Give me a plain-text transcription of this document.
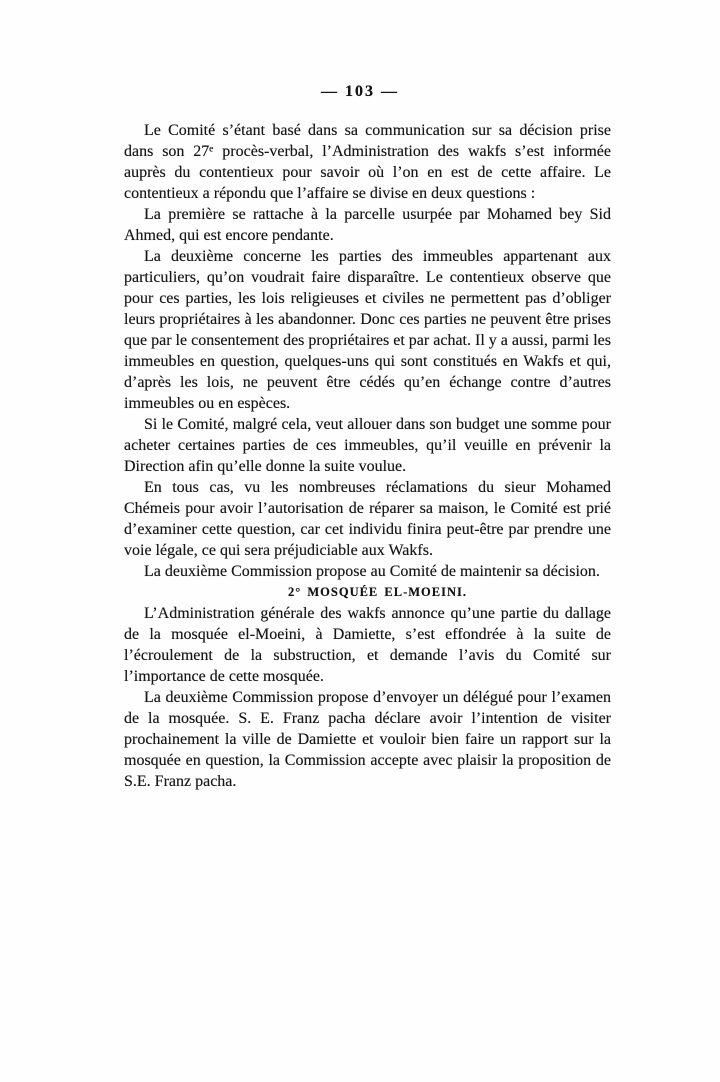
— 103 —

Le Comité s’étant basé dans sa communication sur sa décision prise dans son 27ᵉ procès-verbal, l’Administration des wakfs s’est informée auprès du contentieux pour savoir où l’on en est de cette affaire. Le contentieux a répondu que l’affaire se divise en deux questions :

La première se rattache à la parcelle usurpée par Mohamed bey Sid Ahmed, qui est encore pendante.

La deuxième concerne les parties des immeubles appartenant aux particuliers, qu’on voudrait faire disparaître. Le contentieux observe que pour ces parties, les lois religieuses et civiles ne permettent pas d’obliger leurs propriétaires à les abandonner. Donc ces parties ne peuvent être prises que par le consentement des propriétaires et par achat. Il y a aussi, parmi les immeubles en question, quelques-uns qui sont constitués en Wakfs et qui, d’après les lois, ne peuvent être cédés qu’en échange contre d’autres immeubles ou en espèces.

Si le Comité, malgré cela, veut allouer dans son budget une somme pour acheter certaines parties de ces immeubles, qu’il veuille en prévenir la Direction afin qu’elle donne la suite voulue.

En tous cas, vu les nombreuses réclamations du sieur Mohamed Chémeis pour avoir l’autorisation de réparer sa maison, le Comité est prié d’examiner cette question, car cet individu finira peut-être par prendre une voie légale, ce qui sera préjudiciable aux Wakfs.

La deuxième Commission propose au Comité de maintenir sa décision.

2° MOSQUÉE EL-MOEINI.

L’Administration générale des wakfs annonce qu’une partie du dallage de la mosquée el-Moeini, à Damiette, s’est effondrée à la suite de l’écroulement de la substruction, et demande l’avis du Comité sur l’importance de cette mosquée.

La deuxième Commission propose d’envoyer un délégué pour l’examen de la mosquée. S. E. Franz pacha déclare avoir l’intention de visiter prochainement la ville de Damiette et vouloir bien faire un rapport sur la mosquée en question, la Commission accepte avec plaisir la proposition de S.E. Franz pacha.
